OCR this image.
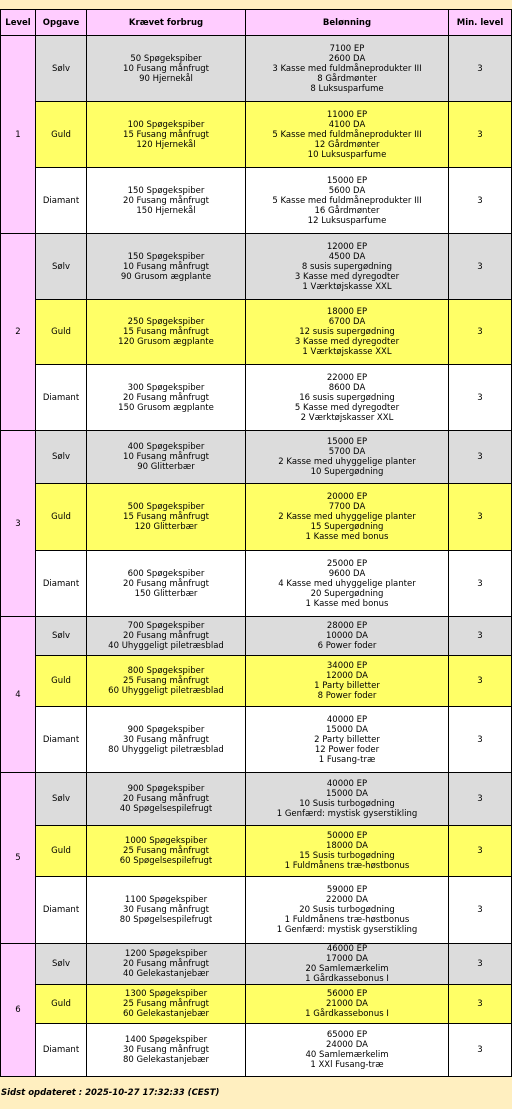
Level	Opgave	Krævet forbrug	Belønning	Min. level
1	Sølv	50 Spøgekspiber
10 Fusang månfrugt
90 Hjernekål	7100 EP
2600 DA
3 Kasse med fuldmåneprodukter III
8 Gårdmønter
8 Luksusparfume	3
	Guld	100 Spøgekspiber
15 Fusang månfrugt
120 Hjernekål	11000 EP
4100 DA
5 Kasse med fuldmåneprodukter III
12 Gårdmønter
10 Luksusparfume	3
	Diamant	150 Spøgekspiber
20 Fusang månfrugt
150 Hjernekål	15000 EP
5600 DA
5 Kasse med fuldmåneprodukter III
16 Gårdmønter
12 Luksusparfume	3
2	Sølv	150 Spøgekspiber
10 Fusang månfrugt
90 Grusom ægplante	12000 EP
4500 DA
8 susis supergødning
3 Kasse med dyregodter
1 Værktøjskasse XXL	3
	Guld	250 Spøgekspiber
15 Fusang månfrugt
120 Grusom ægplante	18000 EP
6700 DA
12 susis supergødning
3 Kasse med dyregodter
1 Værktøjskasse XXL	3
	Diamant	300 Spøgekspiber
20 Fusang månfrugt
150 Grusom ægplante	22000 EP
8600 DA
16 susis supergødning
5 Kasse med dyregodter
2 Værktøjskasser XXL	3
3	Sølv	400 Spøgekspiber
10 Fusang månfrugt
90 Glitterbær	15000 EP
5700 DA
2 Kasse med uhyggelige planter
10 Supergødning	3
	Guld	500 Spøgekspiber
15 Fusang månfrugt
120 Glitterbær	20000 EP
7700 DA
2 Kasse med uhyggelige planter
15 Supergødning
1 Kasse med bonus	3
	Diamant	600 Spøgekspiber
20 Fusang månfrugt
150 Glitterbær	25000 EP
9600 DA
4 Kasse med uhyggelige planter
20 Supergødning
1 Kasse med bonus	3
4	Sølv	700 Spøgekspiber
20 Fusang månfrugt
40 Uhyggeligt piletræsblad	28000 EP
10000 DA
6 Power foder	3
	Guld	800 Spøgekspiber
25 Fusang månfrugt
60 Uhyggeligt piletræsblad	34000 EP
12000 DA
1 Party billetter
8 Power foder	3
	Diamant	900 Spøgekspiber
30 Fusang månfrugt
80 Uhyggeligt piletræsblad	40000 EP
15000 DA
2 Party billetter
12 Power foder
1 Fusang-træ	3
5	Sølv	900 Spøgekspiber
20 Fusang månfrugt
40 Spøgelsespilefrugt	40000 EP
15000 DA
10 Susis turbogødning
1 Genfærd: mystisk gyserstikling	3
	Guld	1000 Spøgekspiber
25 Fusang månfrugt
60 Spøgelsespilefrugt	50000 EP
18000 DA
15 Susis turbogødning
1 Fuldmånens træ-høstbonus	3
	Diamant	1100 Spøgekspiber
30 Fusang månfrugt
80 Spøgelsespilefrugt	59000 EP
22000 DA
20 Susis turbogødning
1 Fuldmånens træ-høstbonus
1 Genfærd: mystisk gyserstikling	3
6	Sølv	1200 Spøgekspiber
20 Fusang månfrugt
40 Gelekastanjebær	46000 EP
17000 DA
20 Samlemærkelim
1 Gårdkassebonus I	3
	Guld	1300 Spøgekspiber
25 Fusang månfrugt
60 Gelekastanjebær	56000 EP
21000 DA
1 Gårdkassebonus I	3
	Diamant	1400 Spøgekspiber
30 Fusang månfrugt
80 Gelekastanjebær	65000 EP
24000 DA
40 Samlemærkelim
1 XXl Fusang-træ	3
Sidst opdateret : 2025-10-27 17:32:33 (CEST)
